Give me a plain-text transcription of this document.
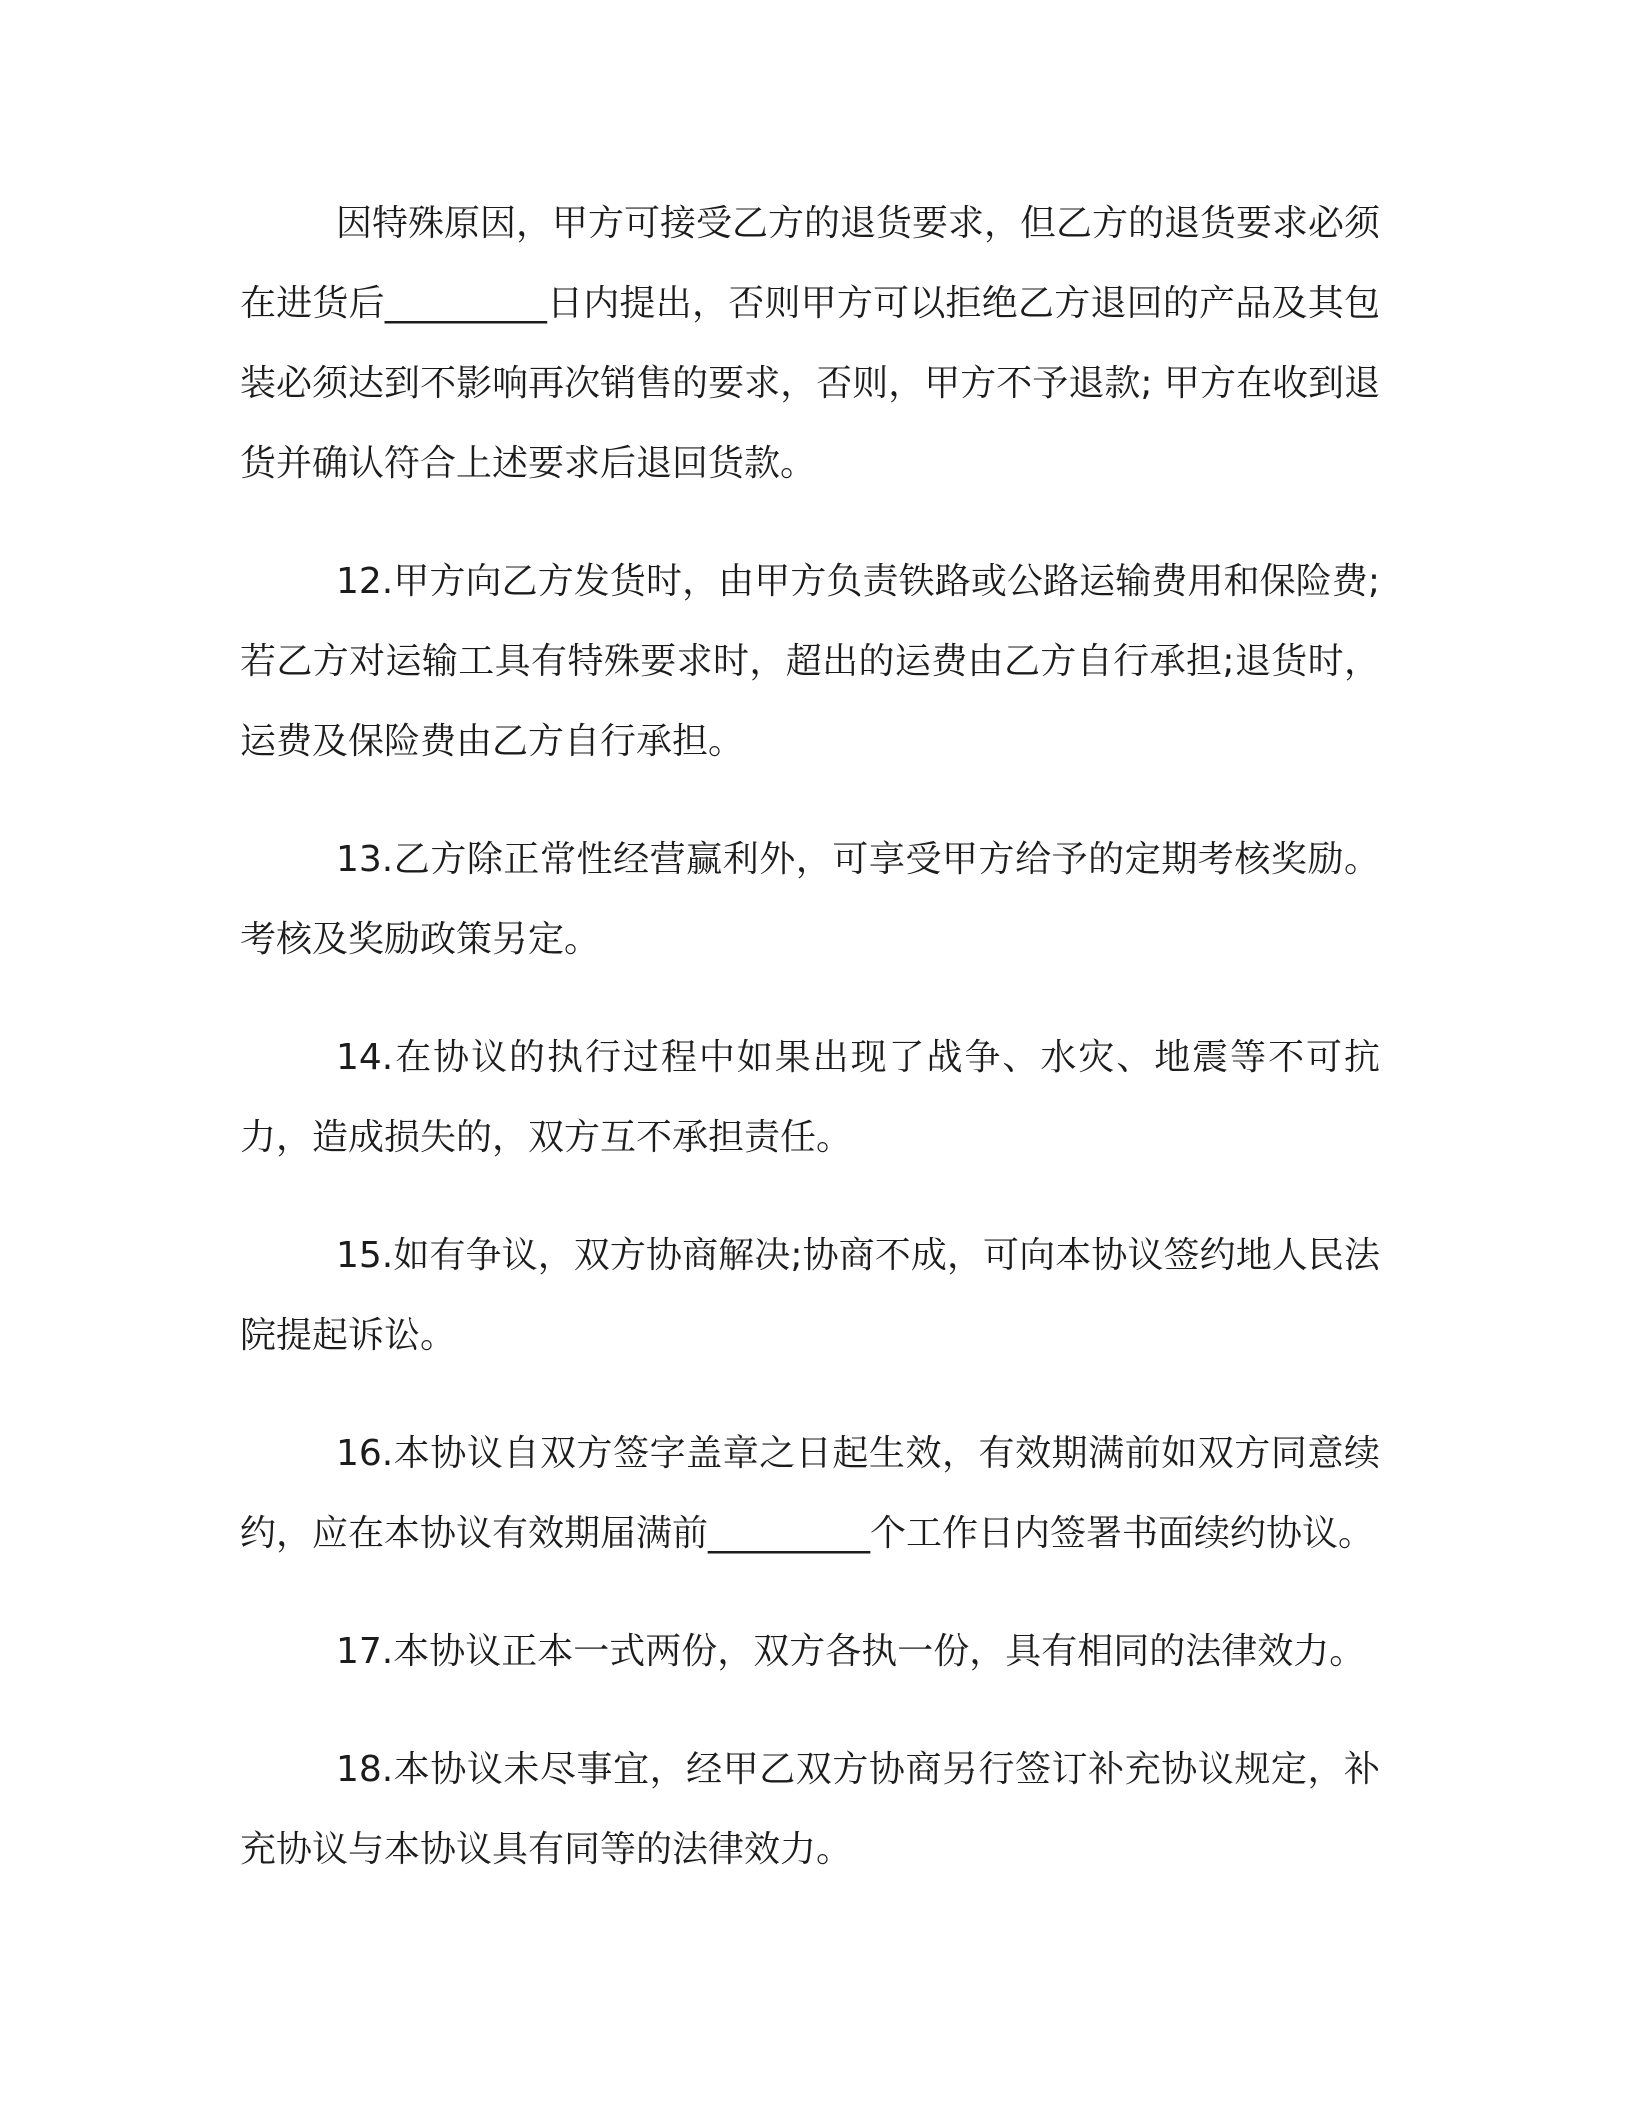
因特殊原因，甲方可接受乙方的退货要求，但乙方的退货要求必须在进货后_________日内提出，否则甲方可以拒绝乙方退回的产品及其包装必须达到不影响再次销售的要求，否则，甲方不予退款; 甲方在收到退货并确认符合上述要求后退回货款。

12.甲方向乙方发货时，由甲方负责铁路或公路运输费用和保险费;若乙方对运输工具有特殊要求时，超出的运费由乙方自行承担;退货时，运费及保险费由乙方自行承担。

13.乙方除正常性经营赢利外，可享受甲方给予的定期考核奖励。考核及奖励政策另定。

14.在协议的执行过程中如果出现了战争、水灾、地震等不可抗力，造成损失的，双方互不承担责任。

15.如有争议，双方协商解决;协商不成，可向本协议签约地人民法院提起诉讼。

16.本协议自双方签字盖章之日起生效，有效期满前如双方同意续约，应在本协议有效期届满前_________个工作日内签署书面续约协议。

17.本协议正本一式两份，双方各执一份，具有相同的法律效力。

18.本协议未尽事宜，经甲乙双方协商另行签订补充协议规定，补充协议与本协议具有同等的法律效力。
